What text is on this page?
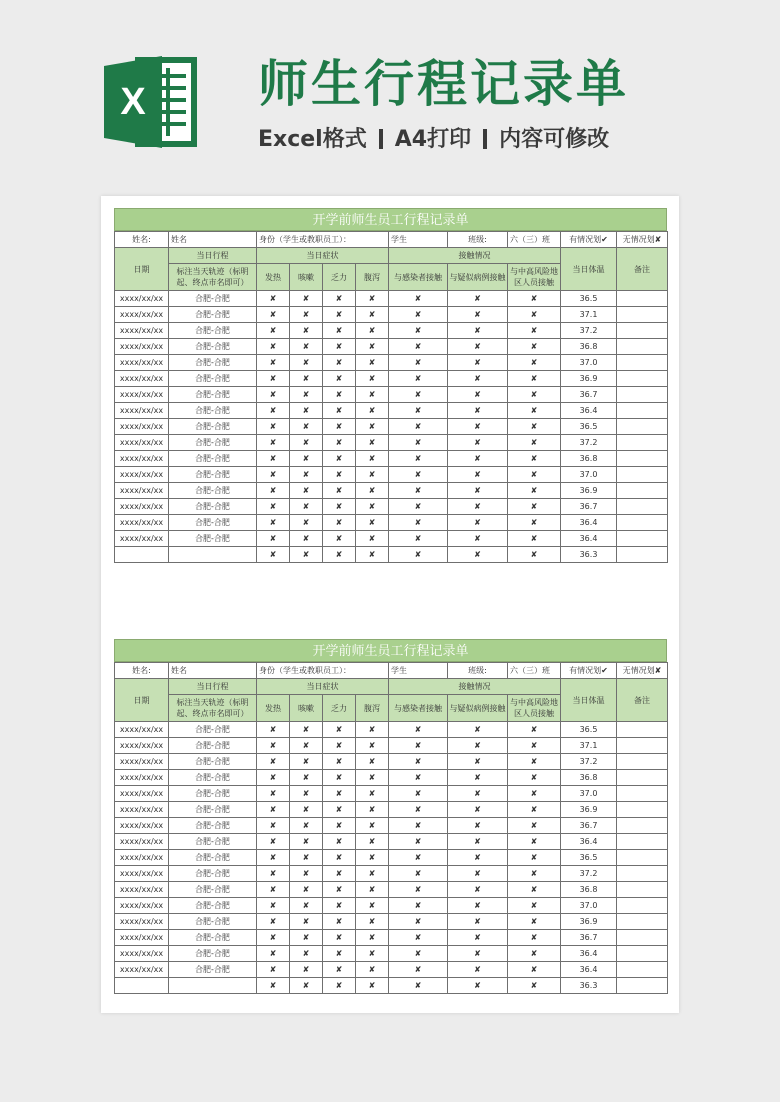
X 师生行程记录单
Excel格式 A4打印 内容可修改
开学前师生员工行程记录单
姓名:	姓名	身份（学生或教职员工）：				学生	班级:	六（三）班	有情况划✔	无情况划✘
日期	当日行程	当日症状				接触情况			当日体温	备注
	标注当天轨迹（标明起、终点市名即可）	发热	咳嗽	乏力	腹泻	与感染者接触	与疑似病例接触	与中高风险地区人员接触		
xxxx/xx/xx	合肥-合肥	✘	✘	✘	✘	✘	✘	✘	36.5	
xxxx/xx/xx	合肥-合肥	✘	✘	✘	✘	✘	✘	✘	37.1	
xxxx/xx/xx	合肥-合肥	✘	✘	✘	✘	✘	✘	✘	37.2	
xxxx/xx/xx	合肥-合肥	✘	✘	✘	✘	✘	✘	✘	36.8	
xxxx/xx/xx	合肥-合肥	✘	✘	✘	✘	✘	✘	✘	37.0	
xxxx/xx/xx	合肥-合肥	✘	✘	✘	✘	✘	✘	✘	36.9	
xxxx/xx/xx	合肥-合肥	✘	✘	✘	✘	✘	✘	✘	36.7	
xxxx/xx/xx	合肥-合肥	✘	✘	✘	✘	✘	✘	✘	36.4	
xxxx/xx/xx	合肥-合肥	✘	✘	✘	✘	✘	✘	✘	36.5	
xxxx/xx/xx	合肥-合肥	✘	✘	✘	✘	✘	✘	✘	37.2	
xxxx/xx/xx	合肥-合肥	✘	✘	✘	✘	✘	✘	✘	36.8	
xxxx/xx/xx	合肥-合肥	✘	✘	✘	✘	✘	✘	✘	37.0	
xxxx/xx/xx	合肥-合肥	✘	✘	✘	✘	✘	✘	✘	36.9	
xxxx/xx/xx	合肥-合肥	✘	✘	✘	✘	✘	✘	✘	36.7	
xxxx/xx/xx	合肥-合肥	✘	✘	✘	✘	✘	✘	✘	36.4	
xxxx/xx/xx	合肥-合肥	✘	✘	✘	✘	✘	✘	✘	36.4	
		✘	✘	✘	✘	✘	✘	✘	36.3	
开学前师生员工行程记录单
姓名:	姓名	身份（学生或教职员工）：				学生	班级:	六（三）班	有情况划✔	无情况划✘
日期	当日行程	当日症状				接触情况			当日体温	备注
	标注当天轨迹（标明起、终点市名即可）	发热	咳嗽	乏力	腹泻	与感染者接触	与疑似病例接触	与中高风险地区人员接触		
xxxx/xx/xx	合肥-合肥	✘	✘	✘	✘	✘	✘	✘	36.5	
xxxx/xx/xx	合肥-合肥	✘	✘	✘	✘	✘	✘	✘	37.1	
xxxx/xx/xx	合肥-合肥	✘	✘	✘	✘	✘	✘	✘	37.2	
xxxx/xx/xx	合肥-合肥	✘	✘	✘	✘	✘	✘	✘	36.8	
xxxx/xx/xx	合肥-合肥	✘	✘	✘	✘	✘	✘	✘	37.0	
xxxx/xx/xx	合肥-合肥	✘	✘	✘	✘	✘	✘	✘	36.9	
xxxx/xx/xx	合肥-合肥	✘	✘	✘	✘	✘	✘	✘	36.7	
xxxx/xx/xx	合肥-合肥	✘	✘	✘	✘	✘	✘	✘	36.4	
xxxx/xx/xx	合肥-合肥	✘	✘	✘	✘	✘	✘	✘	36.5	
xxxx/xx/xx	合肥-合肥	✘	✘	✘	✘	✘	✘	✘	37.2	
xxxx/xx/xx	合肥-合肥	✘	✘	✘	✘	✘	✘	✘	36.8	
xxxx/xx/xx	合肥-合肥	✘	✘	✘	✘	✘	✘	✘	37.0	
xxxx/xx/xx	合肥-合肥	✘	✘	✘	✘	✘	✘	✘	36.9	
xxxx/xx/xx	合肥-合肥	✘	✘	✘	✘	✘	✘	✘	36.7	
xxxx/xx/xx	合肥-合肥	✘	✘	✘	✘	✘	✘	✘	36.4	
xxxx/xx/xx	合肥-合肥	✘	✘	✘	✘	✘	✘	✘	36.4	
		✘	✘	✘	✘	✘	✘	✘	36.3	
